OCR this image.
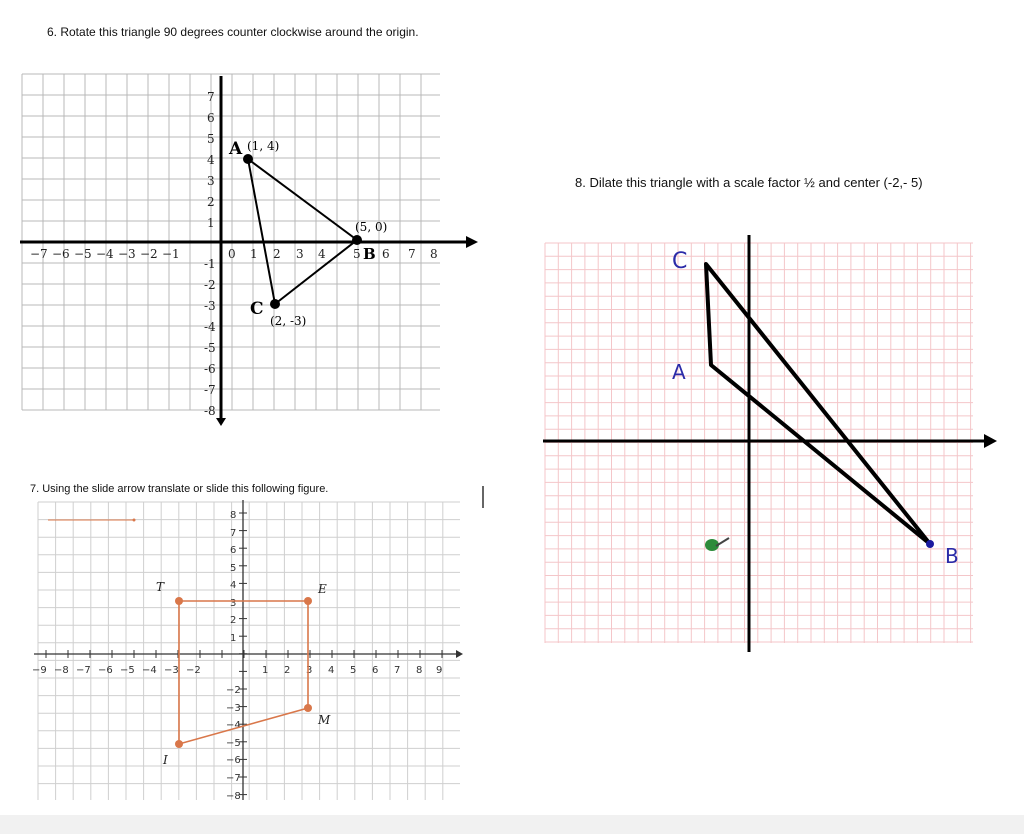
6. Rotate this triangle 90 degrees counter clockwise around the origin.
7. Using the slide arrow translate or slide this following figure.
8. Dilate this triangle with a scale factor ½ and center (-2,- 5)
−7 −6 −5 −4 −3 −2 −1	0 1 2 3 4 5 6 7 8
7
6
5
4
3
2
1
-1
-2
-3
-4
-5
-6
-7
-8
A (1, 4)
B
(5, 0)
C
(2, -3)
−9 −8 −7 −6 −5 −4 −3 −2	1 2 3 4 5 6 7 8 9
8
7
6
5
4
3
2
1
−2
−3
−4
−5
−6
−7
−8
T	E
M
I
C
A
B
